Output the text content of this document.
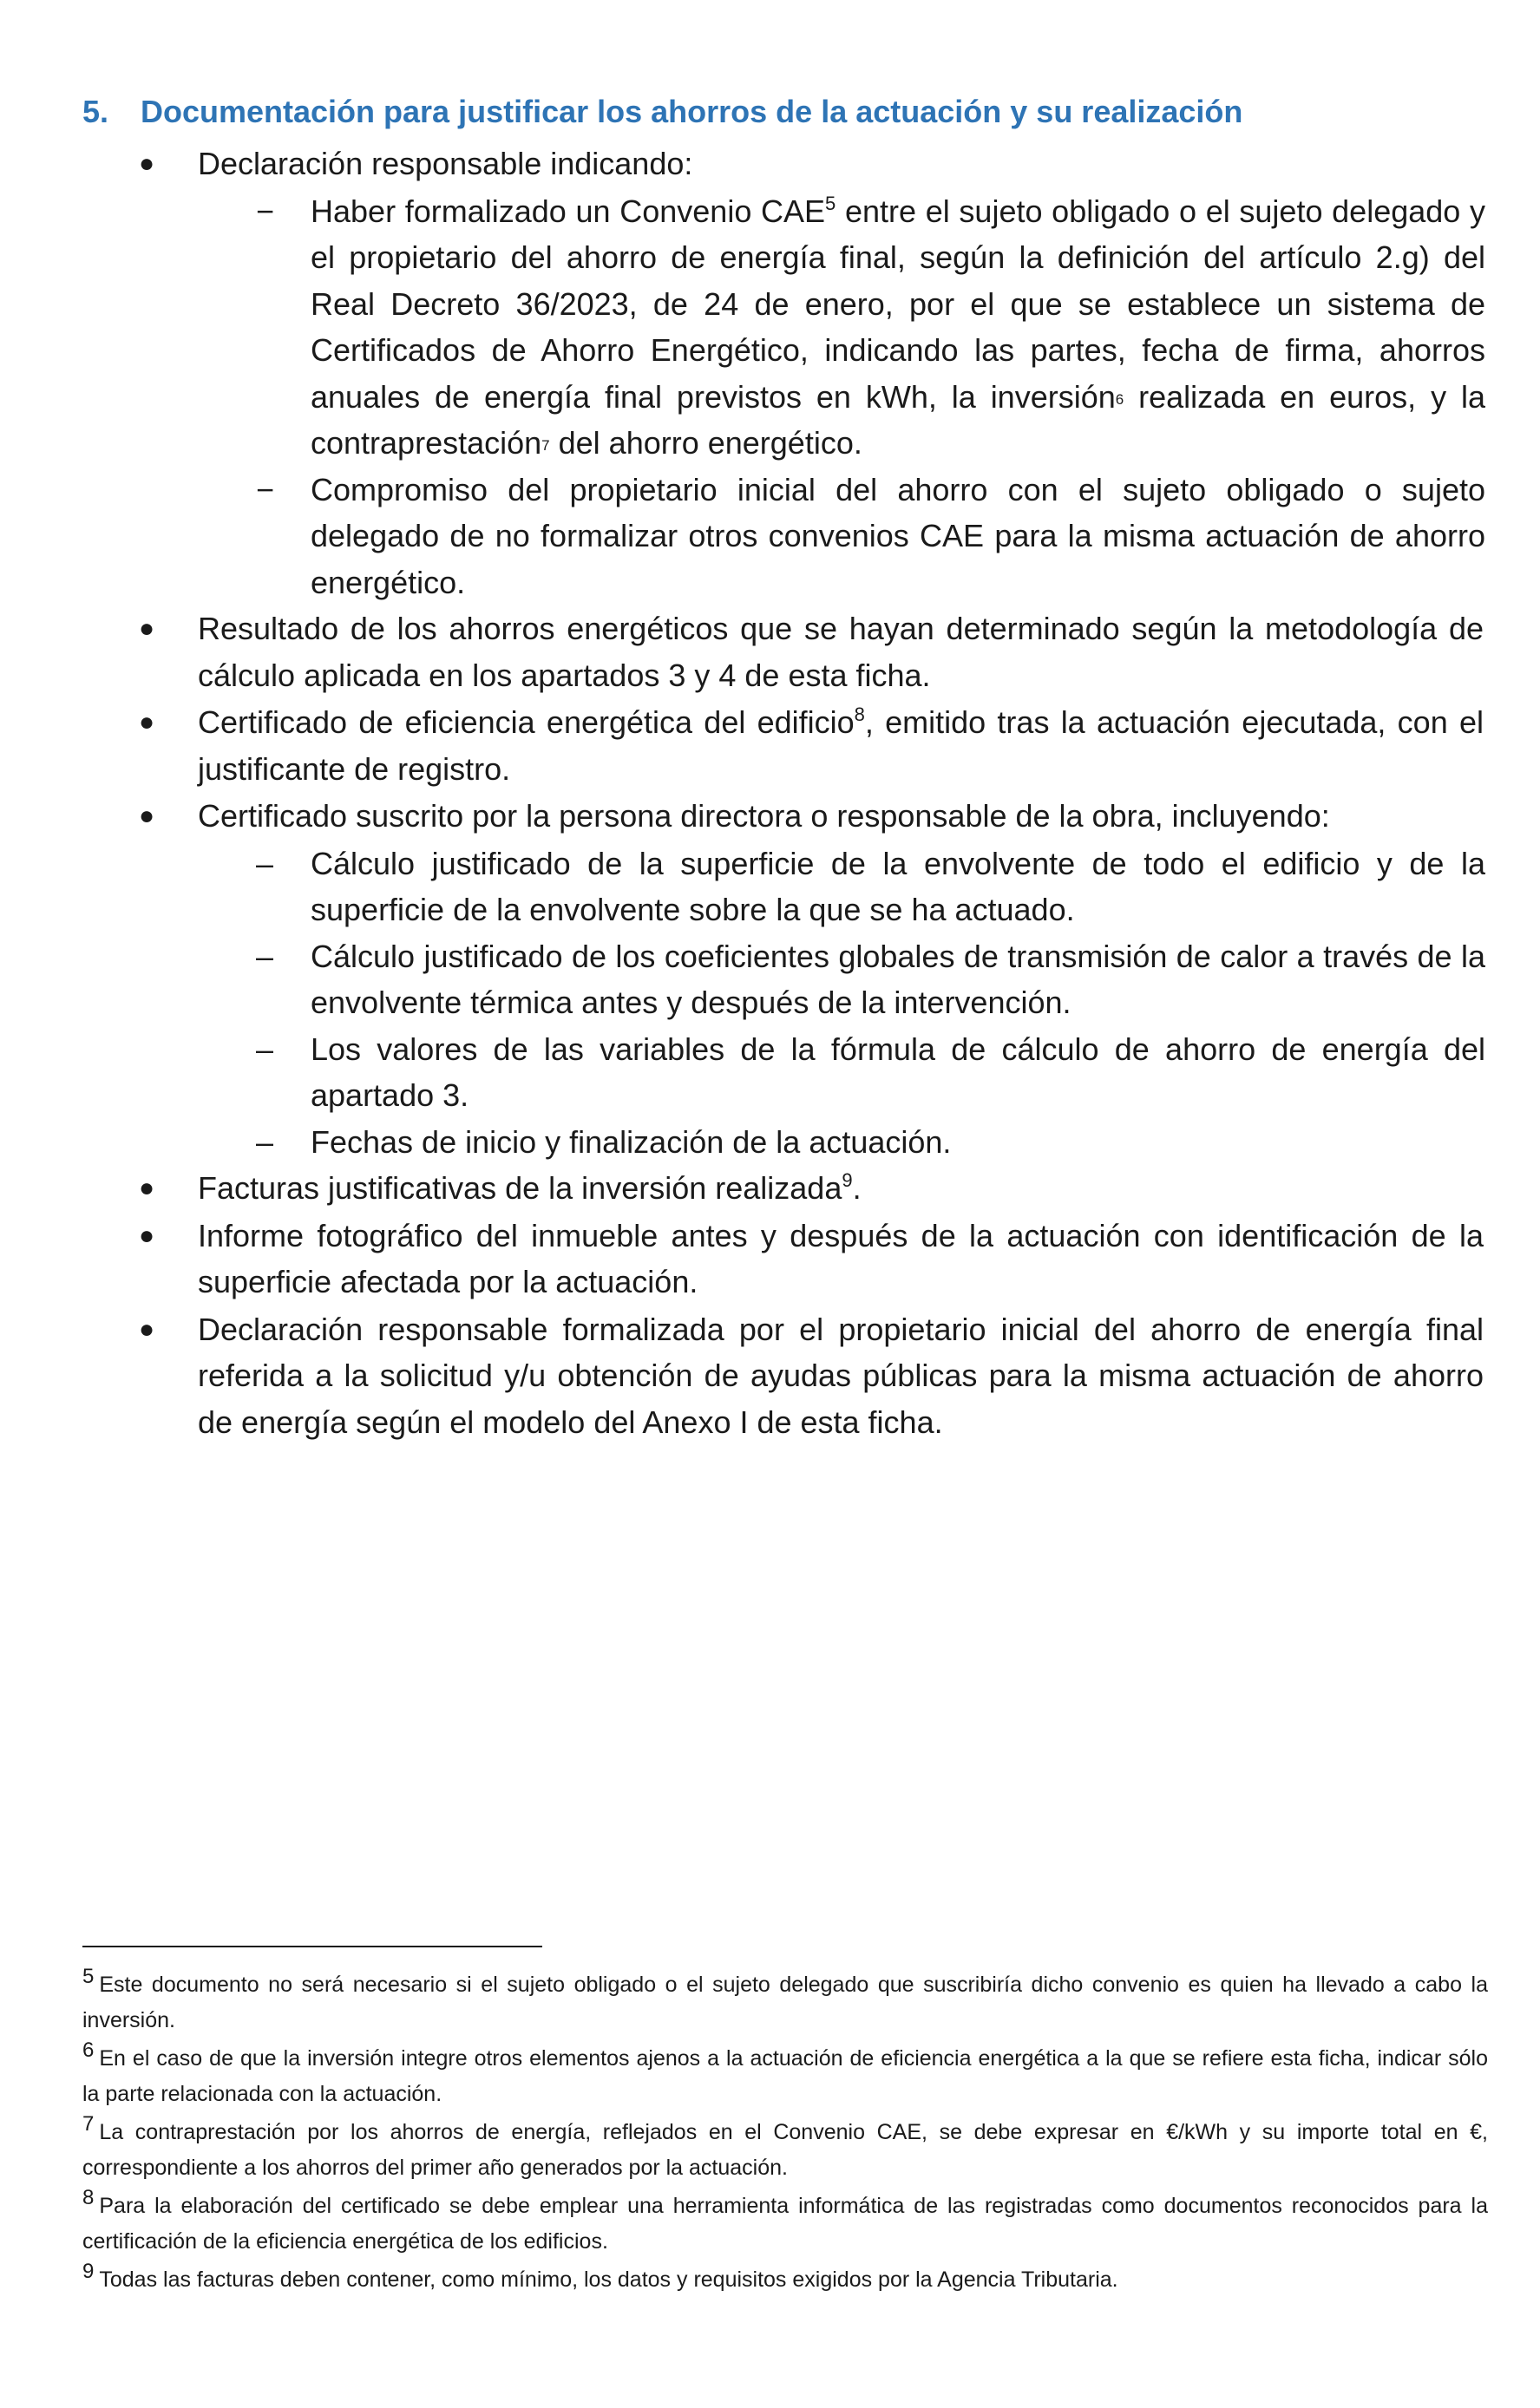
5. Documentación para justificar los ahorros de la actuación y su realización
● Declaración responsable indicando:
− Haber formalizado un Convenio CAE$^5$ entre el sujeto obligado o el sujeto delegado y el propietario del ahorro de energía final, según la definición del artículo 2.g) del Real Decreto 36/2023, de 24 de enero, por el que se establece un sistema de Certificados de Ahorro Energético, indicando las partes, fecha de firma, ahorros anuales de energía final previstos en kWh, la inversión$^6$ realizada en euros, y la contraprestación$^7$ del ahorro energético.
− Compromiso del propietario inicial del ahorro con el sujeto obligado o sujeto delegado de no formalizar otros convenios CAE para la misma actuación de ahorro energético.
● Resultado de los ahorros energéticos que se hayan determinado según la metodología de cálculo aplicada en los apartados 3 y 4 de esta ficha.
● Certificado de eficiencia energética del edificio$^8$, emitido tras la actuación ejecutada, con el justificante de registro.
● Certificado suscrito por la persona directora o responsable de la obra, incluyendo:
– Cálculo justificado de la superficie de la envolvente de todo el edificio y de la superficie de la envolvente sobre la que se ha actuado.
– Cálculo justificado de los coeficientes globales de transmisión de calor a través de la envolvente térmica antes y después de la intervención.
– Los valores de las variables de la fórmula de cálculo de ahorro de energía del apartado 3.
– Fechas de inicio y finalización de la actuación.
● Facturas justificativas de la inversión realizada$^9$.
● Informe fotográfico del inmueble antes y después de la actuación con identificación de la superficie afectada por la actuación.
● Declaración responsable formalizada por el propietario inicial del ahorro de energía final referida a la solicitud y/u obtención de ayudas públicas para la misma actuación de ahorro de energía según el modelo del Anexo I de esta ficha.
$^5$ Este documento no será necesario si el sujeto obligado o el sujeto delegado que suscribiría dicho convenio es quien ha llevado a cabo la inversión.
$^6$ En el caso de que la inversión integre otros elementos ajenos a la actuación de eficiencia energética a la que se refiere esta ficha, indicar sólo la parte relacionada con la actuación.
$^7$ La contraprestación por los ahorros de energía, reflejados en el Convenio CAE, se debe expresar en €/kWh y su importe total en €, correspondiente a los ahorros del primer año generados por la actuación.
$^8$ Para la elaboración del certificado se debe emplear una herramienta informática de las registradas como documentos reconocidos para la certificación de la eficiencia energética de los edificios.
$^9$ Todas las facturas deben contener, como mínimo, los datos y requisitos exigidos por la Agencia Tributaria.
